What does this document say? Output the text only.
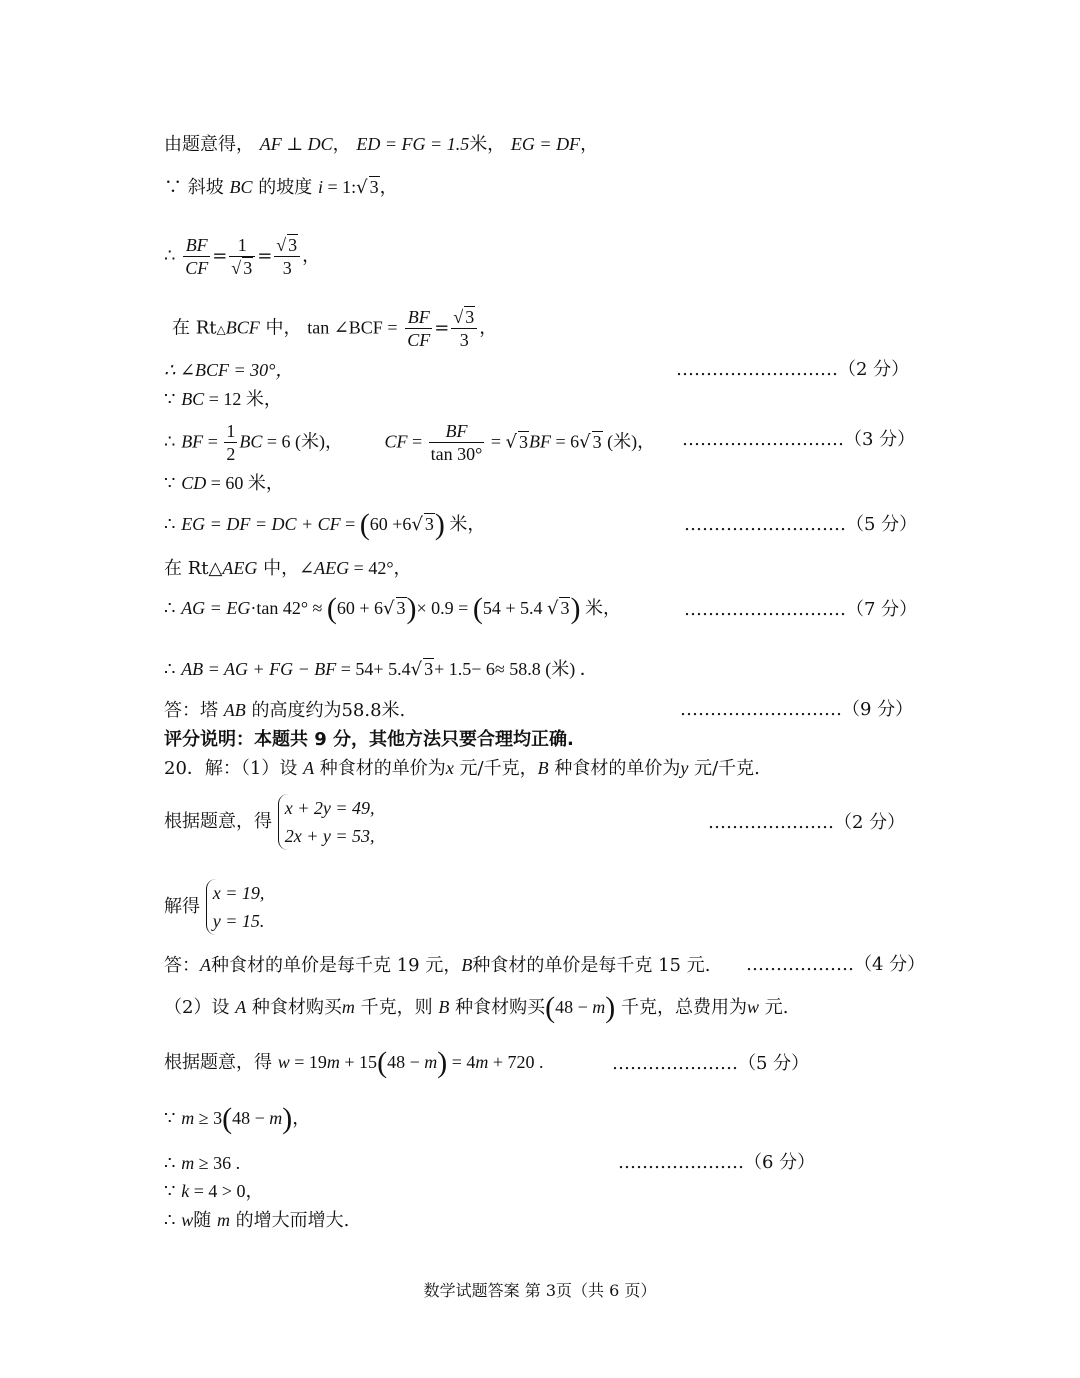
由题意得， AF ⊥ DC， ED = FG = 1.5米， EG = DF，
∵ 斜坡 BC 的坡度 i = 1:√ 3，
∴ $\frac{BF}{CF} = \frac{1}{√ 3} = \frac{√ 3}{3}$ ，
在 Rt△BCF 中， tan ∠BCF = $\frac{BF}{CF} = \frac{√ 3}{3}$ ，
∴ ∠BCF = 30°，	………………………（2 分）
∵ BC = 12 米，
∴ BF = $\frac{1}{2}$ BC = 6 (米)， CF = $\frac{BF}{\tan 30^\circ}$ = √ 3BF = 6√ 3 (米)， ………………………（3 分）
∵ CD = 60 米，
∴ EG = DF = DC + CF = (60 +6√ 3) 米，	………………………（5 分）
在 Rt△AEG 中，∠AEG = 42°，
∴ AG = EG·tan 42° ≈ (60 + 6√ 3)× 0.9 = (54 + 5.4 √ 3) 米，	………………………（7 分）
∴ AB = AG + FG − BF = 54+ 5.4√ 3+ 1.5− 6≈ 58.8 (米) ．
答：塔 AB 的高度约为58.8米.	………………………（9 分）
评分说明：本题共 9 分，其他方法只要合理均正确.
20．解：（1）设 A 种食材的单价为x 元/千克，B 种食材的单价为y 元/千克.
根据题意，得
x + 2y = 49,
2x + y = 53,
…………………（2 分）
解得
x = 19,
y = 15.
答：A种食材的单价是每千克 19 元，B种食材的单价是每千克 15 元. ………………（4 分）
（2）设 A 种食材购买m 千克，则 B 种食材购买(48 − m) 千克，总费用为w 元.
根据题意，得 w = 19m + 15(48 − m) = 4m + 720 .	…………………（5 分）
∵ m ≥ 3(48 − m)，
∴ m ≥ 36 .	…………………（6 分）
∵ k = 4 > 0，
∴ w随 m 的增大而增大.
数学试题答案 第 3页（共 6 页）
